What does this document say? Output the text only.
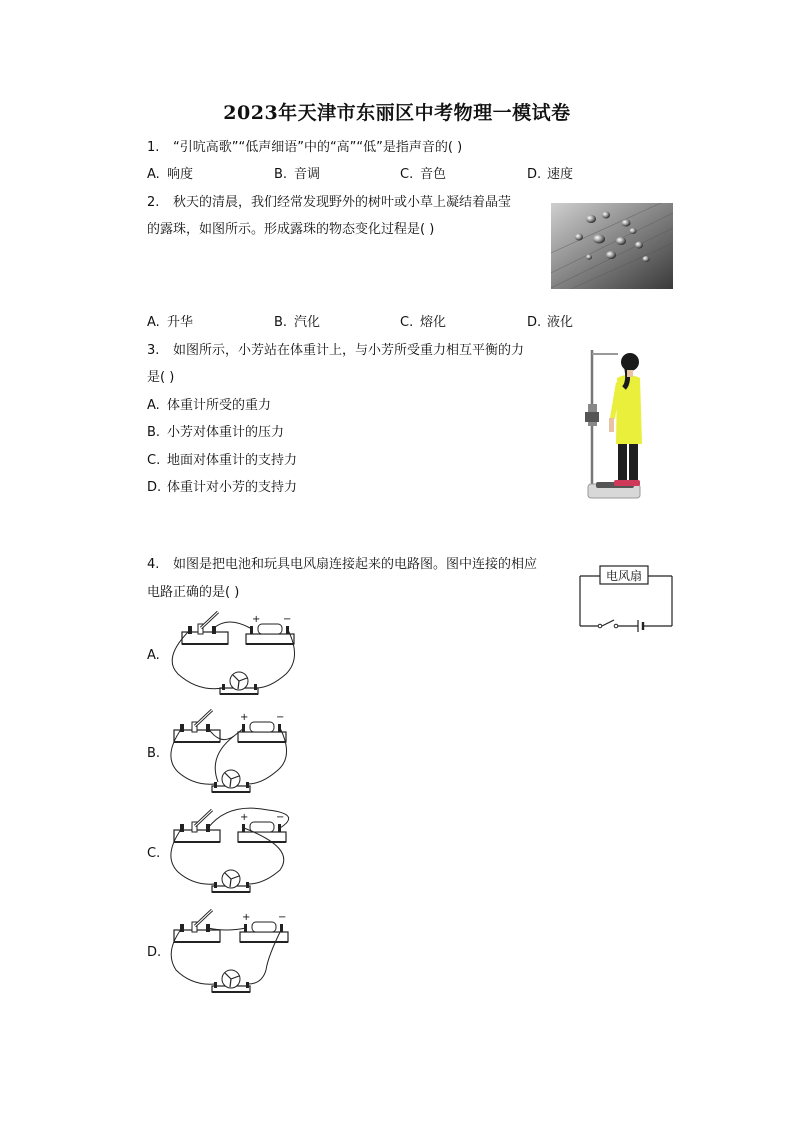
2023年天津市东丽区中考物理一模试卷
1. “引吭高歌”“低声细语”中的“高”“低”是指声音的( )
A. 响度	B. 音调	C. 音色	D. 速度
2. 秋天的清晨，我们经常发现野外的树叶或小草上凝结着晶莹
的露珠，如图所示。形成露珠的物态变化过程是( )
A. 升华	B. 汽化	C. 熔化	D. 液化
3. 如图所示，小芳站在体重计上，与小芳所受重力相互平衡的力
是( )
A. 体重计所受的重力
B. 小芳对体重计的压力
C. 地面对体重计的支持力
D. 体重计对小芳的支持力
4. 如图是把电池和玩具电风扇连接起来的电路图。图中连接的相应
电路正确的是( )
电风扇
A.
B.
C.
D.
+ −
+	−
+	−
+	−
